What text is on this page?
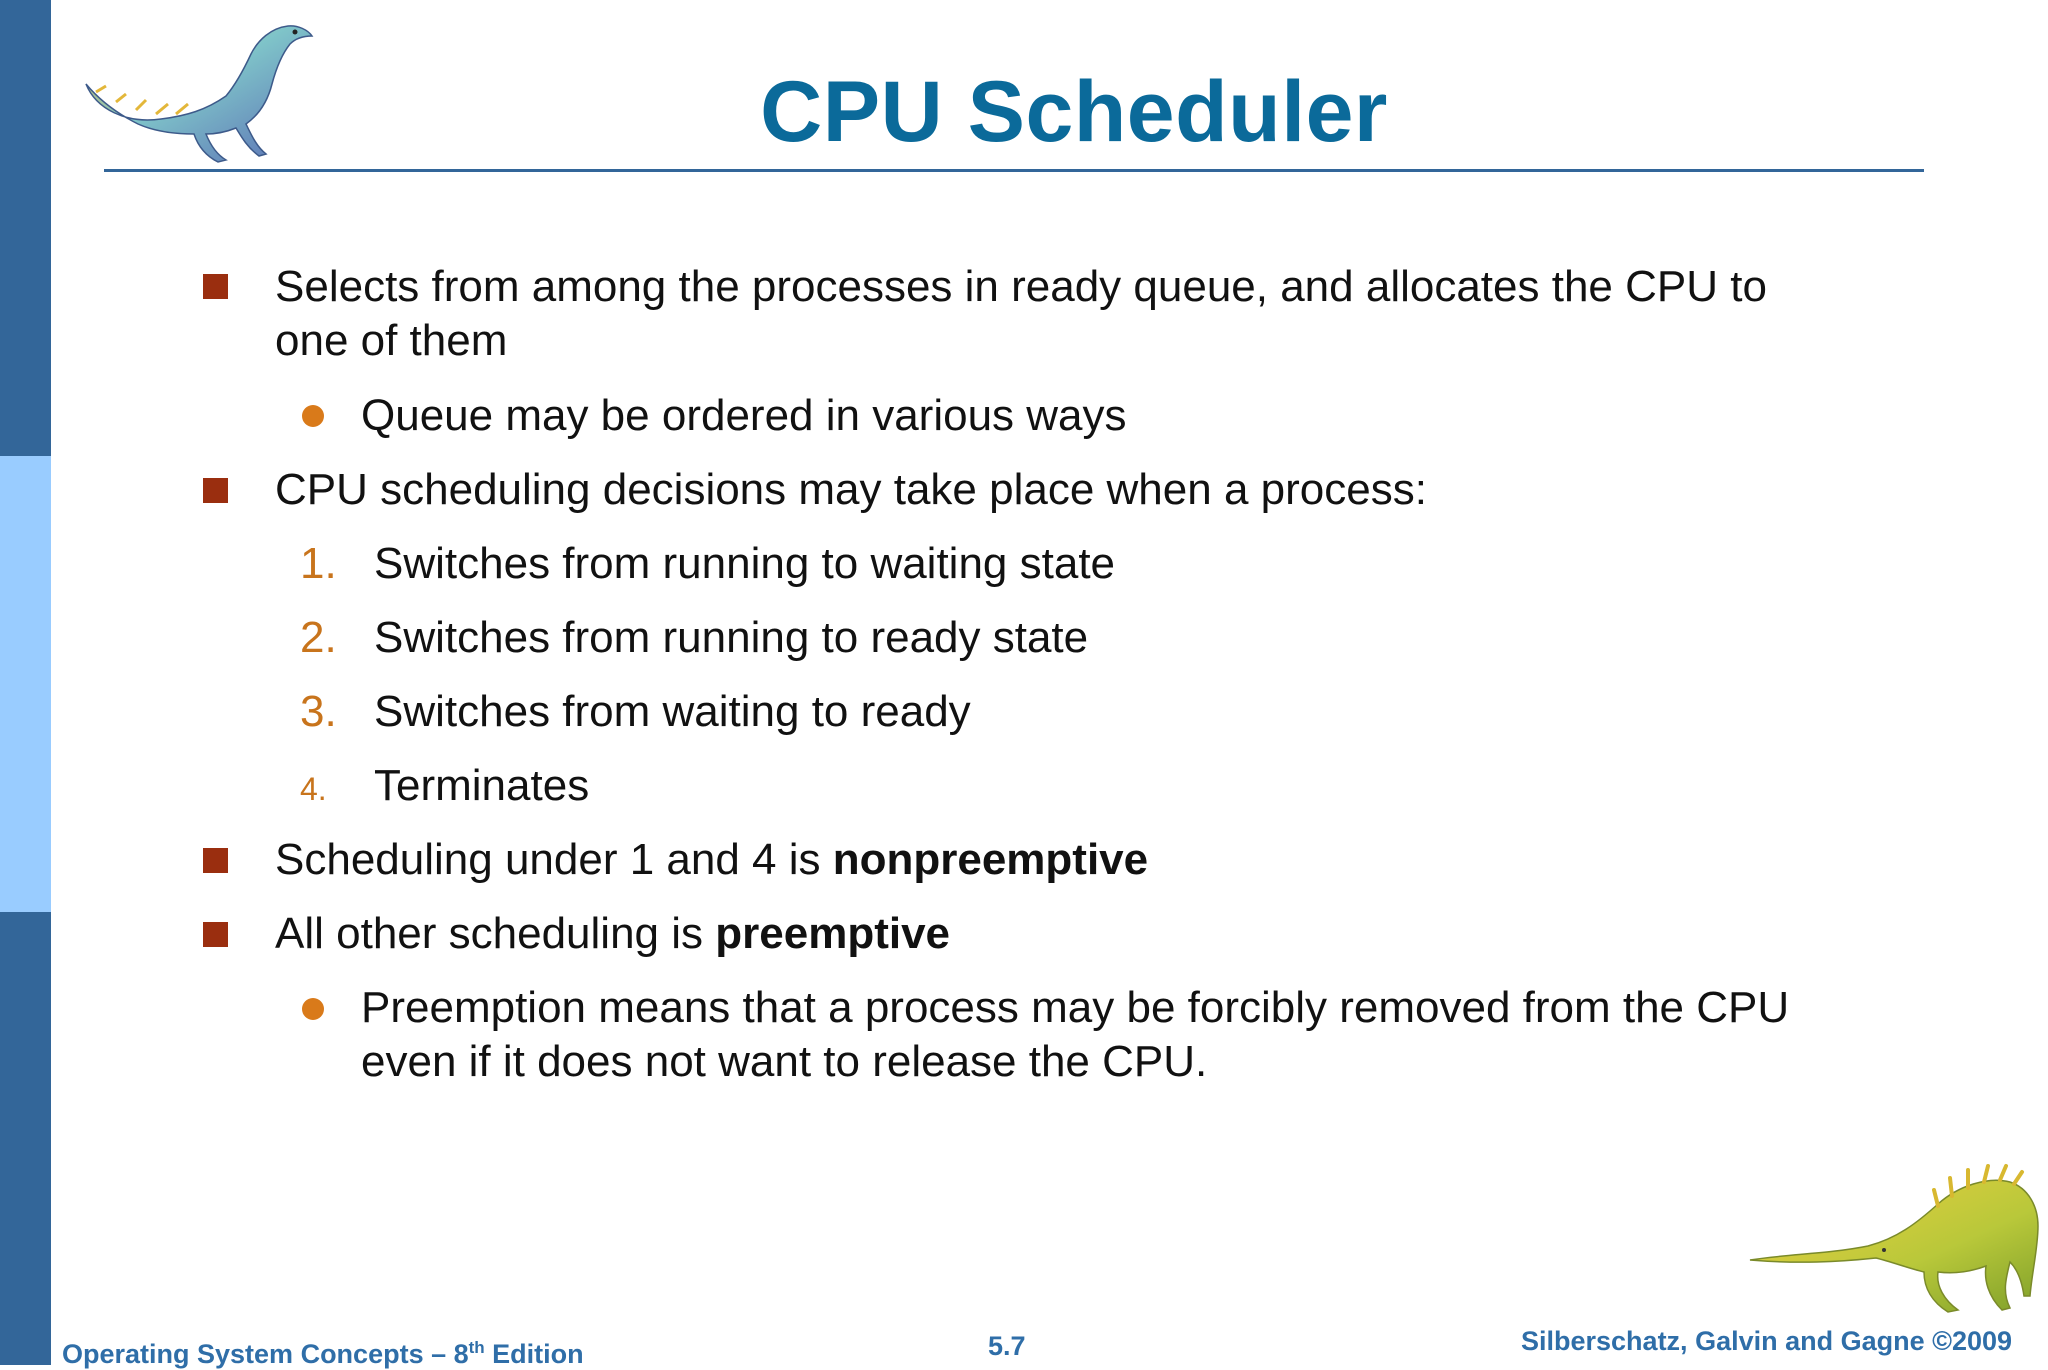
CPU Scheduler
Selects from among the processes in ready queue, and allocates the CPU to
one of them
Queue may be ordered in various ways
CPU scheduling decisions may take place when a process:
1. Switches from running to waiting state
2. Switches from running to ready state
3. Switches from waiting to ready
4. Terminates
Scheduling under 1 and 4 is nonpreemptive
All other scheduling is preemptive
Preemption means that a process may be forcibly removed from the CPU
even if it does not want to release the CPU.
Operating System Concepts – 8th Edition	5.7	Silberschatz, Galvin and Gagne ©2009
